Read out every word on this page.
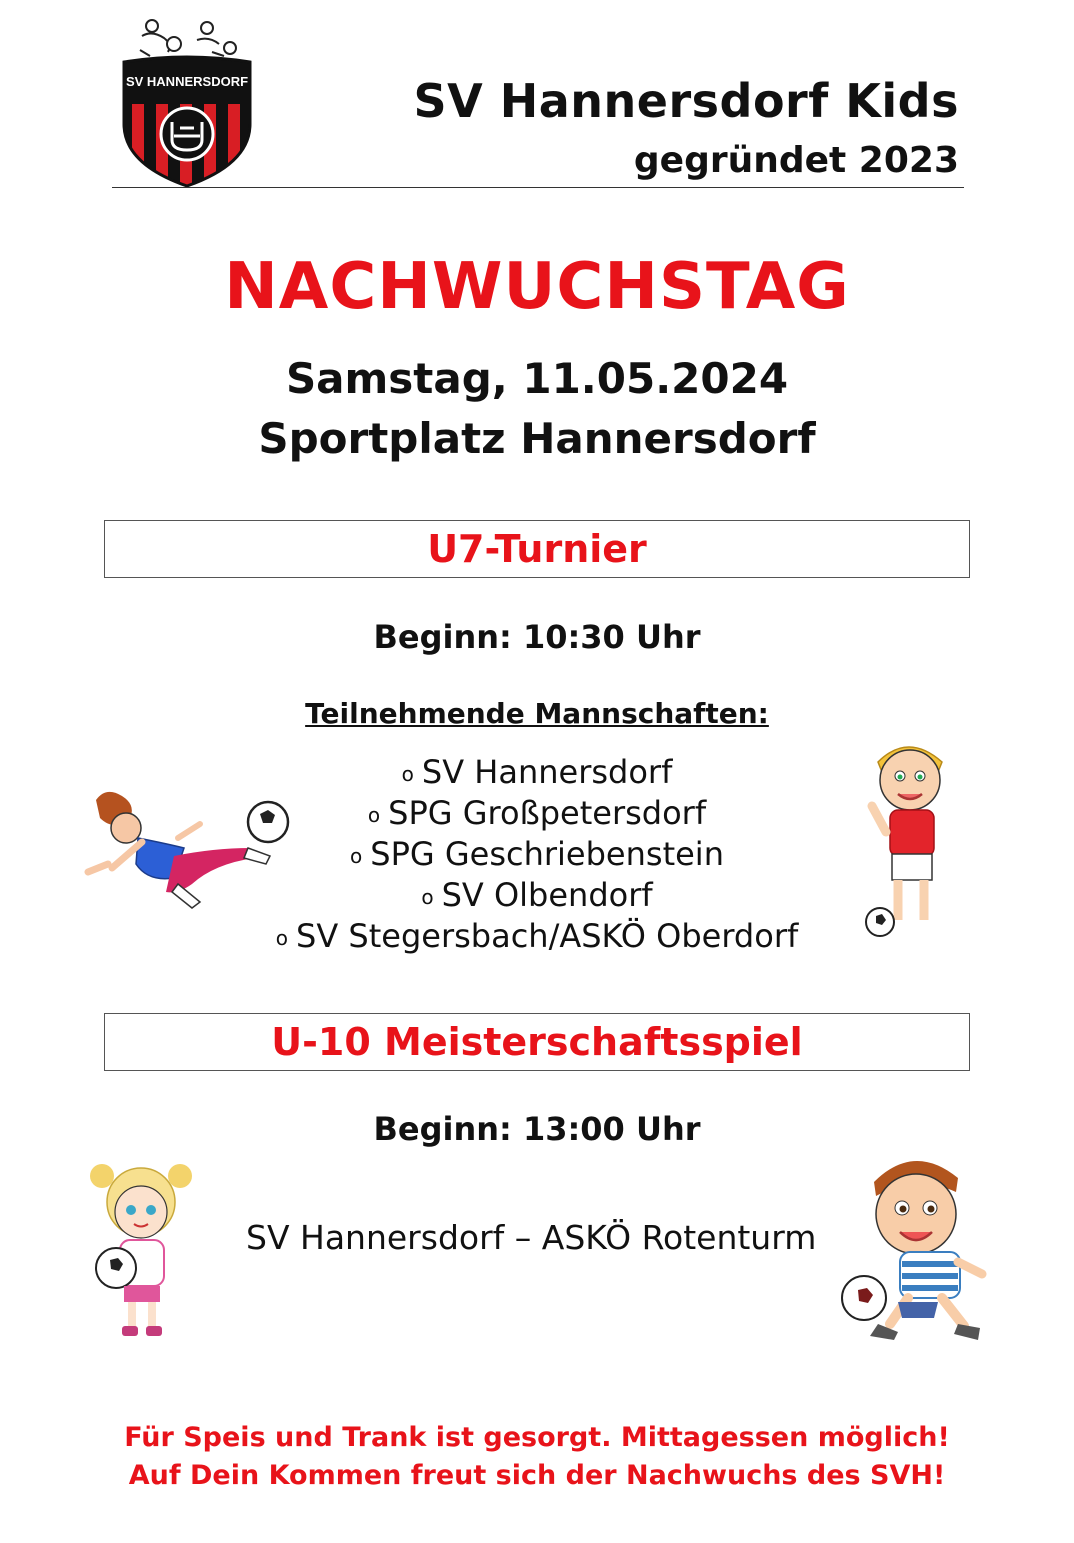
SV HANNERSDORF	SV Hannersdorf Kids
gegründet 2023
NACHWUCHSTAG
Samstag, 11.05.2024
Sportplatz Hannersdorf
U7-Turnier
Beginn: 10:30 Uhr
Teilnehmende Mannschaften:
o SV Hannersdorf
o SPG Großpetersdorf
o SPG Geschriebenstein
o SV Olbendorf
o SV Stegersbach/ASKÖ Oberdorf
U-10 Meisterschaftsspiel
Beginn: 13:00 Uhr
SV Hannersdorf – ASKÖ Rotenturm
Für Speis und Trank ist gesorgt. Mittagessen möglich!
Auf Dein Kommen freut sich der Nachwuchs des SVH!
